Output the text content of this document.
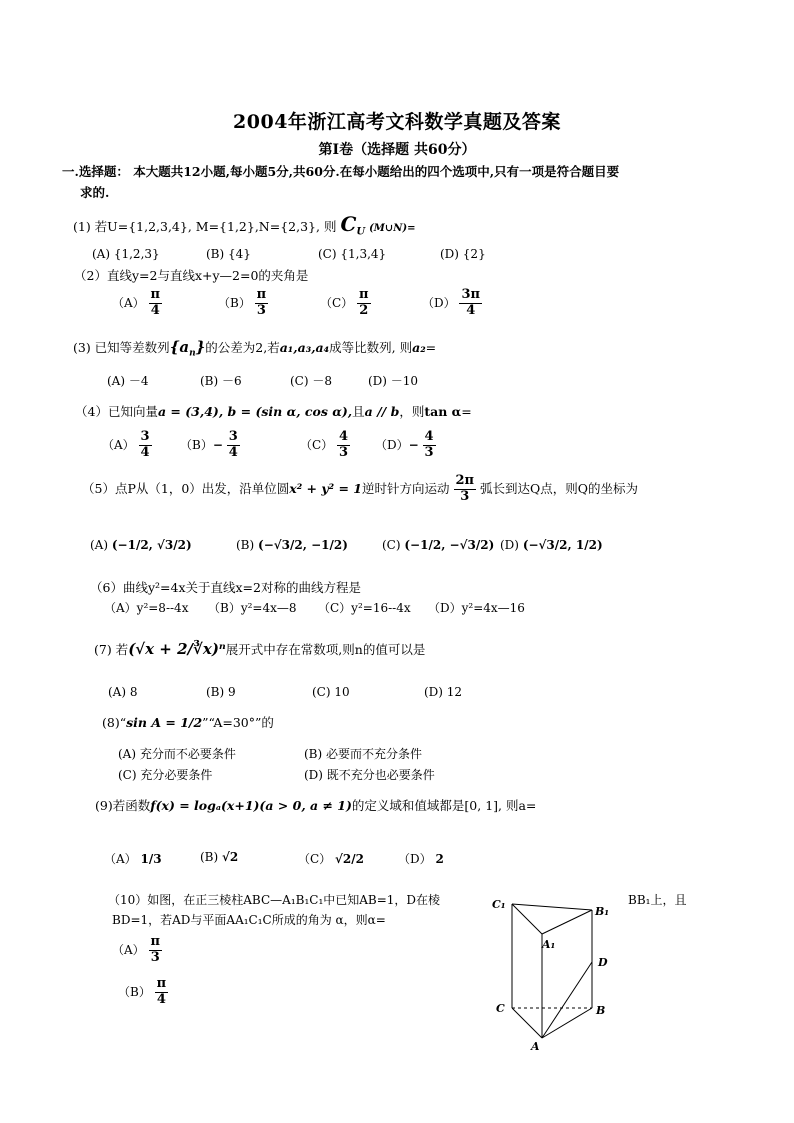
2004年浙江高考文科数学真题及答案
第Ⅰ卷（选择题 共60分）
一.选择题： 本大题共12小题,每小题5分,共60分.在每小题给出的四个选项中,只有一项是符合题目要
求的.
(1) 若U={1,2,3,4}, M={1,2},N={2,3}, 则 $C_U$ (M∪N)=
(A) {1,2,3}	(B) {4}	(C) {1,3,4}	(D) {2}
（2）直线y=2与直线x+y—2=0的夹角是
$(A) \frac{\pi}{4}$	$(B) \frac{\pi}{3}$	$(C) \frac{\pi}{2}$	$(D) \frac{3\pi}{4}$
(3) 已知等差数列$\{a_n\}$的公差为2,若a₁,a₃,a₄成等比数列, 则a₂=
(A) －4	(B) －6	(C) －8	(D) －10
（4）已知向量a = (3,4), b = (sin α, cos α),且a // b，则tan α=
$(A) \frac{3}{4} (B)- \frac{3}{4}$	$(C) \frac{4}{3} (D)- \frac{4}{3}$
（5）点P从（1，0）出发，沿单位圆x² + y² = 1逆时针方向运动 $\frac{2\pi}{3}$ 弧长到达Q点，则Q的坐标为
(A) (−1/2, √3/2)	(B) (−√3/2, −1/2)	(C) (−1/2, −√3/2) (D) (−√3/2, 1/2)
（6）曲线y²=4x关于直线x=2对称的曲线方程是
（A）y²=8--4x （B）y²=4x—8 （C）y²=16--4x （D）y²=4x—16
(7) 若(√x + 2/∛x)ⁿ展开式中存在常数项,则n的值可以是
(A) 8	(B) 9	(C) 10	(D) 12
(8)“sin A = 1/2”“A=30°”的
(A) 充分而不必要条件	(B) 必要而不充分条件
(C) 充分必要条件	(D) 既不充分也必要条件
(9)若函数f(x) = logₐ(x+1)(a > 0, a ≠ 1)的定义域和值域都是[0, 1], 则a=
（A） 1/3	(B) √2	（C） √2/2	（D） 2
（10）如图，在正三棱柱ABC—A₁B₁C₁中已知AB=1，D在棱	BB₁上，且
BD=1，若AD与平面AA₁C₁C所成的角为 α，则α=
$(A) \frac{\pi}{3}$
$(B) \frac{\pi}{4}$
C₁
B₁
A₁
D
C	B
A
